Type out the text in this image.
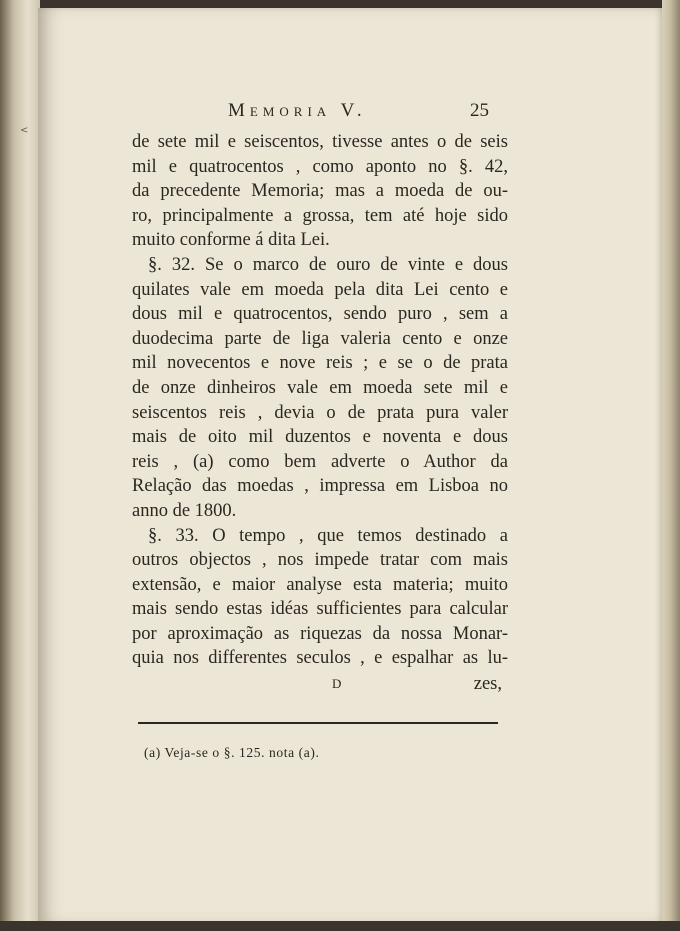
<
Memoria V.	25
de sete mil e seiscentos, tivesse antes o de seis
mil e quatrocentos , como aponto no §. 42,
da precedente Memoria; mas a moeda de ou-
ro, principalmente a grossa, tem até hoje sido
muito conforme á dita Lei.
§. 32. Se o marco de ouro de vinte e dous
quilates vale em moeda pela dita Lei cento e
dous mil e quatrocentos, sendo puro , sem a
duodecima parte de liga valeria cento e onze
mil novecentos e nove reis ; e se o de prata
de onze dinheiros vale em moeda sete mil e
seiscentos reis , devia o de prata pura valer
mais de oito mil duzentos e noventa e dous
reis , (a) como bem adverte o Author da
Relação das moedas , impressa em Lisboa no
anno de 1800.
§. 33. O tempo , que temos destinado a
outros objectos , nos impede tratar com mais
extensão, e maior analyse esta materia; muito
mais sendo estas idéas sufficientes para calcular
por aproximação as riquezas da nossa Monar-
quia nos differentes seculos , e espalhar as lu-
D	zes,
(a) Veja-se o §. 125. nota (a).
